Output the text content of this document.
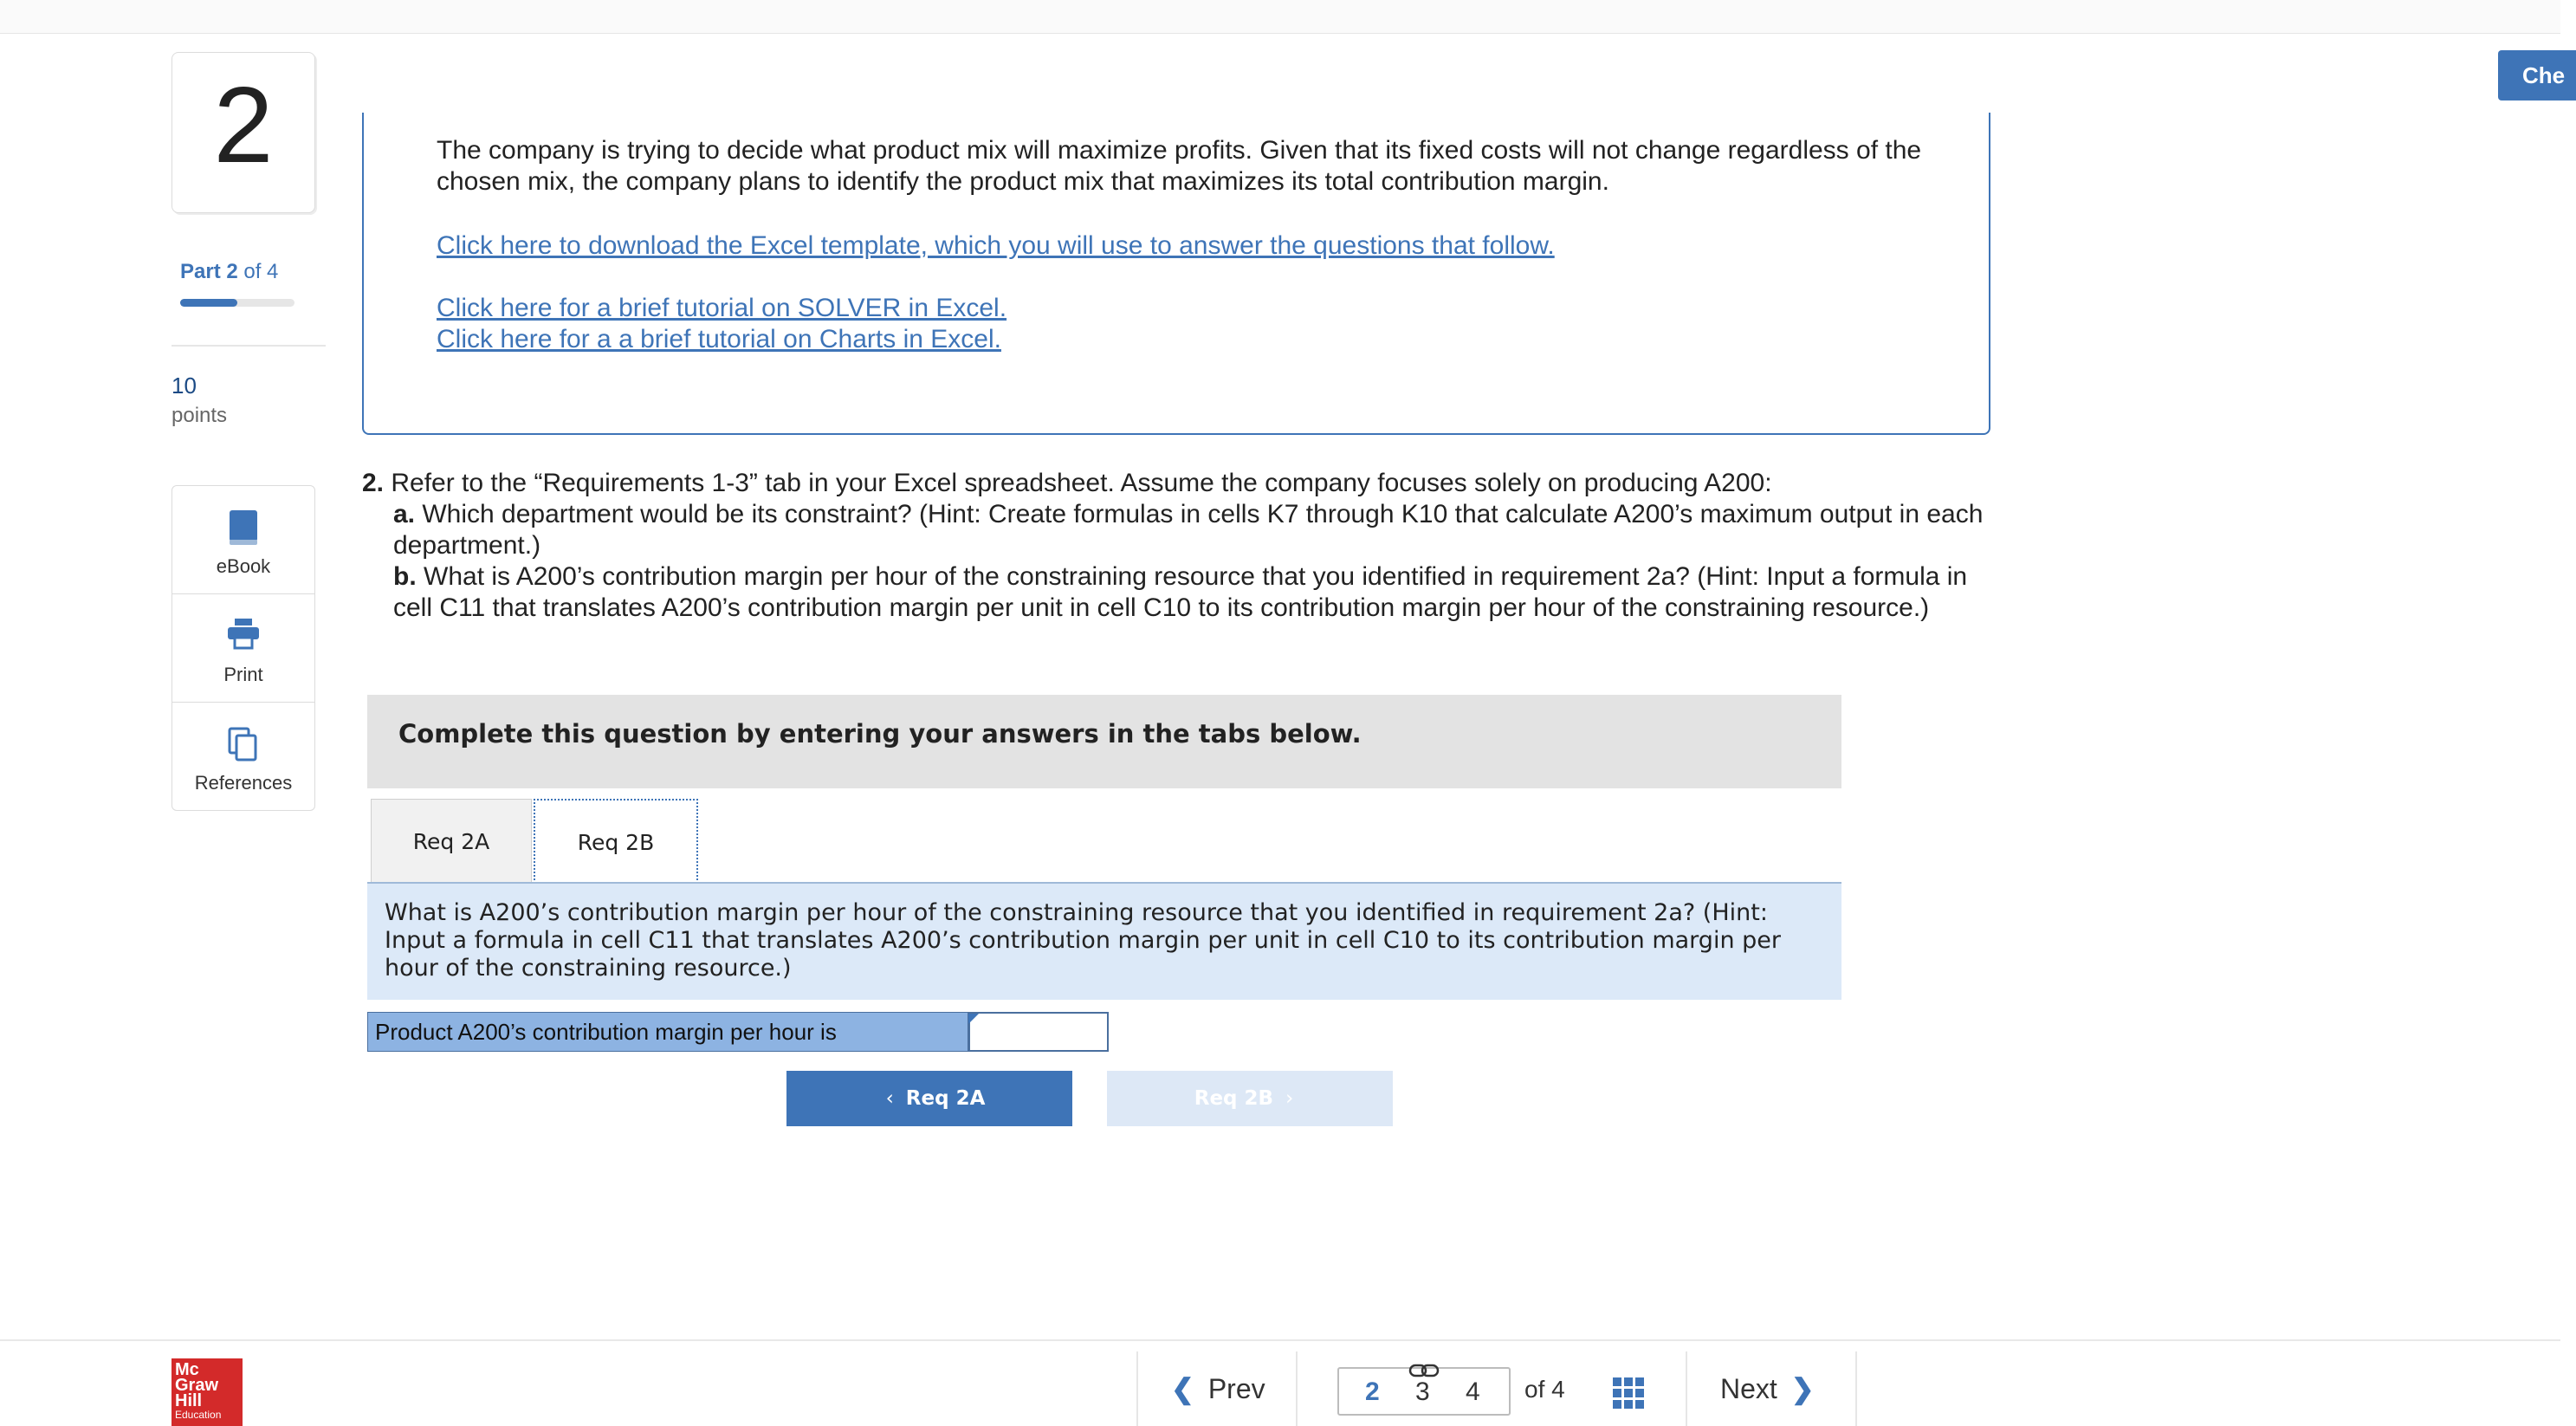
Che
2
Part 2 of 4
10
points
eBook
Print
References
The company is trying to decide what product mix will maximize profits. Given that its fixed costs will not change regardless of the chosen mix, the company plans to identify the product mix that maximizes its total contribution margin.
Click here to download the Excel template, which you will use to answer the questions that follow.
Click here for a brief tutorial on SOLVER in Excel.
Click here for a a brief tutorial on Charts in Excel.
2. Refer to the “Requirements 1-3” tab in your Excel spreadsheet. Assume the company focuses solely on producing A200:
a. Which department would be its constraint? (Hint: Create formulas in cells K7 through K10 that calculate A200’s maximum output in each department.)
b. What is A200’s contribution margin per hour of the constraining resource that you identified in requirement 2a? (Hint: Input a formula in cell C11 that translates A200’s contribution margin per unit in cell C10 to its contribution margin per hour of the constraining resource.)
Complete this question by entering your answers in the tabs below.
Req 2A	Req 2B
What is A200’s contribution margin per hour of the constraining resource that you identified in requirement 2a? (Hint: Input a formula in cell C11 that translates A200’s contribution margin per unit in cell C10 to its contribution margin per hour of the constraining resource.)
Product A200’s contribution margin per hour is
‹ Req 2A	Req 2B ›
Mc
Graw
Hill
Education
❮ Prev	2 3 4 of 4	Next ❯
